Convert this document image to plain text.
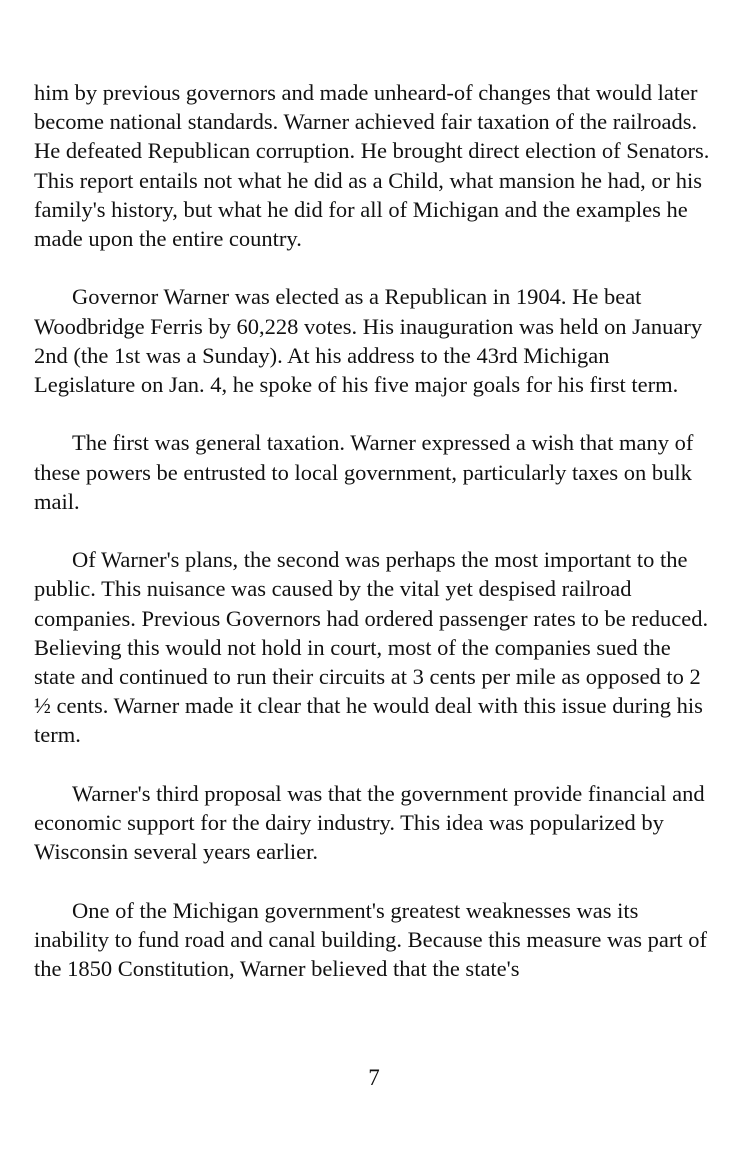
him by previous governors and made unheard-of changes that would later become national standards. Warner achieved fair taxation of the railroads. He defeated Republican corruption. He brought direct election of Senators. This report entails not what he did as a Child, what mansion he had, or his family's history, but what he did for all of Michigan and the examples he made upon the entire country.

Governor Warner was elected as a Republican in 1904. He beat Woodbridge Ferris by 60,228 votes. His inauguration was held on January 2nd (the 1st was a Sunday). At his address to the 43rd Michigan Legislature on Jan. 4, he spoke of his five major goals for his first term.

The first was general taxation. Warner expressed a wish that many of these powers be entrusted to local government, particularly taxes on bulk mail.

Of Warner's plans, the second was perhaps the most important to the public. This nuisance was caused by the vital yet despised railroad companies. Previous Governors had ordered passenger rates to be reduced. Believing this would not hold in court, most of the companies sued the state and continued to run their circuits at 3 cents per mile as opposed to 2 ½ cents. Warner made it clear that he would deal with this issue during his term.

Warner's third proposal was that the government provide financial and economic support for the dairy industry. This idea was popularized by Wisconsin several years earlier.

One of the Michigan government's greatest weaknesses was its inability to fund road and canal building. Because this measure was part of the 1850 Constitution, Warner believed that the state's

7
